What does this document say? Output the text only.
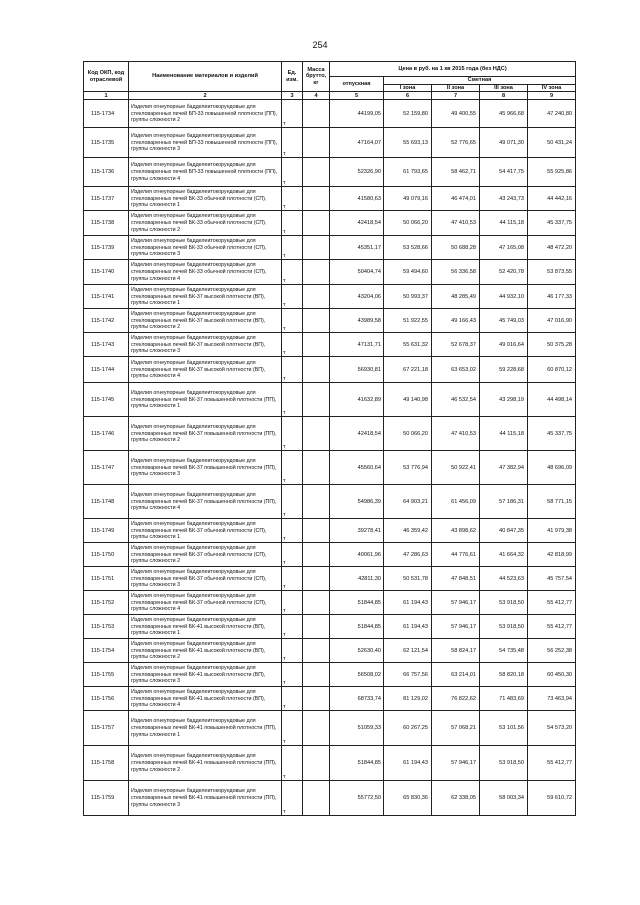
254
Код ОКП, код отраслевой	Наименование материалов и изделий	Ед. изм.	Масса брутто, кг	Цена в руб. на 1 кв 2015 года (без НДС)				
				отпускная	Сметная			
					I зона	II зона	III зона	IV зона
1	2	3	4	5	6	7	8	9
115-1734	Изделия огнеупорные бадделеитокорундовые для стекловаренных печей БП-33 повышенной плотности (ПП), группы сложности 2	т		44199,05	52 159,80	49 400,55	45 966,68	47 240,80
115-1735	Изделия огнеупорные бадделеитокорундовые для стекловаренных печей БП-33 повышенной плотности (ПП), группы сложности 3	т		47164,07	55 693,13	52 776,65	49 071,30	50 431,24
115-1736	Изделия огнеупорные бадделеитокорундовые для стекловаренных печей БП-33 повышенной плотности (ПП), группы сложности 4	т		52326,90	61 793,65	58 462,71	54 417,75	55 925,86
115-1737	Изделия огнеупорные бадделеитокорундовые для стекловаренных печей БК-33 обычной плотности (СП), группы сложности 1	т		41580,63	49 079,16	46 474,01	43 243,73	44 442,16
115-1738	Изделия огнеупорные бадделеитокорундовые для стекловаренных печей БК-33 обычной плотности (СП), группы сложности 2	т		42418,54	50 066,20	47 410,53	44 115,18	45 337,75
115-1739	Изделия огнеупорные бадделеитокорундовые для стекловаренных печей БК-33 обычной плотности (СП), группы сложности 3	т		45351,17	53 528,66	50 688,28	47 165,08	48 472,20
115-1740	Изделия огнеупорные бадделеитокорундовые для стекловаренных печей БК-33 обычной плотности (СП), группы сложности 4	т		50404,74	59 494,60	56 336,58	52 420,78	53 873,55
115-1741	Изделия огнеупорные бадделеитокорундовые для стекловаренных печей БК-37 высокой плотности (ВП), группы сложности 1	т		43204,06	50 993,37	48 285,49	44 932,10	46 177,33
115-1742	Изделия огнеупорные бадделеитокорундовые для стекловаренных печей БК-37 высокой плотности (ВП), группы сложности 2	т		43989,58	51 922,55	49 166,43	45 749,03	47 016,90
115-1743	Изделия огнеупорные бадделеитокорундовые для стекловаренных печей БК-37 высокой плотности (ВП), группы сложности 3	т		47131,71	55 631,32	52 678,37	49 016,64	50 375,28
115-1744	Изделия огнеупорные бадделеитокорундовые для стекловаренных печей БК-37 высокой плотности (ВП), группы сложности 4	т		56930,81	67 221,18	63 653,02	59 228,68	60 870,12
115-1745	Изделия огнеупорные бадделеитокорундовые для стекловаренных печей БК-37 повышенной плотности (ПП), группы сложности 1	т		41632,89	49 140,98	46 532,54	43 298,19	44 498,14
115-1746	Изделия огнеупорные бадделеитокорундовые для стекловаренных печей БК-37 повышенной плотности (ПП), группы сложности 2	т		42418,54	50 066,20	47 410,53	44 115,18	45 337,75
115-1747	Изделия огнеупорные бадделеитокорундовые для стекловаренных печей БК-37 повышенной плотности (ПП), группы сложности 3	т		45560,64	53 776,94	50 922,41	47 382,94	48 696,09
115-1748	Изделия огнеупорные бадделеитокорундовые для стекловаренных печей БК-37 повышенной плотности (ПП), группы сложности 4	т		54986,39	64 903,21	61 456,09	57 186,31	58 771,15
115-1749	Изделия огнеупорные бадделеитокорундовые для стекловаренных печей БК-37 обычной плотности (СП), группы сложности 1	т		39278,41	46 359,42	43 898,62	40 847,35	41 979,38
115-1750	Изделия огнеупорные бадделеитокорундовые для стекловаренных печей БК-37 обычной плотности (СП), группы сложности 2	т		40061,96	47 286,63	44 776,61	41 664,32	42 818,99
115-1751	Изделия огнеупорные бадделеитокорундовые для стекловаренных печей БК-37 обычной плотности (СП), группы сложности 3	т		42811,30	50 531,78	47 848,51	44 523,63	45 757,54
115-1752	Изделия огнеупорные бадделеитокорундовые для стекловаренных печей БК-37 обычной плотности (СП), группы сложности 4	т		51844,85	61 194,43	57 946,17	53 918,50	55 412,77
115-1753	Изделия огнеупорные бадделеитокорундовые для стекловаренных печей БК-41 высокой плотности (ВП), группы сложности 1	т		51844,85	61 194,43	57 946,17	53 918,50	55 412,77
115-1754	Изделия огнеупорные бадделеитокорундовые для стекловаренных печей БК-41 высокой плотности (ВП), группы сложности 2	т		52630,40	62 121,54	58 824,17	54 735,48	56 252,38
115-1755	Изделия огнеупорные бадделеитокорундовые для стекловаренных печей БК-41 высокой плотности (ВП), группы сложности 3	т		56508,02	66 757,56	63 214,01	58 820,18	60 450,30
115-1756	Изделия огнеупорные бадделеитокорундовые для стекловаренных печей БК-41 высокой плотности (ВП), группы сложности 4	т		68733,74	81 129,02	76 822,62	71 483,69	73 463,94
115-1757	Изделия огнеупорные бадделеитокорундовые для стекловаренных печей БК-41 повышенной плотности (ПП), группы сложности 1	т		51059,33	60 267,25	57 068,21	53 101,56	54 573,20
115-1758	Изделия огнеупорные бадделеитокорундовые для стекловаренных печей БК-41 повышенной плотности (ПП), группы сложности 2	т		51844,85	61 194,43	57 946,17	53 918,50	55 412,77
115-1759	Изделия огнеупорные бадделеитокорундовые для стекловаренных печей БК-41 повышенной плотности (ПП), группы сложности 3	т		55772,50	65 830,36	62 338,05	58 003,34	59 610,72
